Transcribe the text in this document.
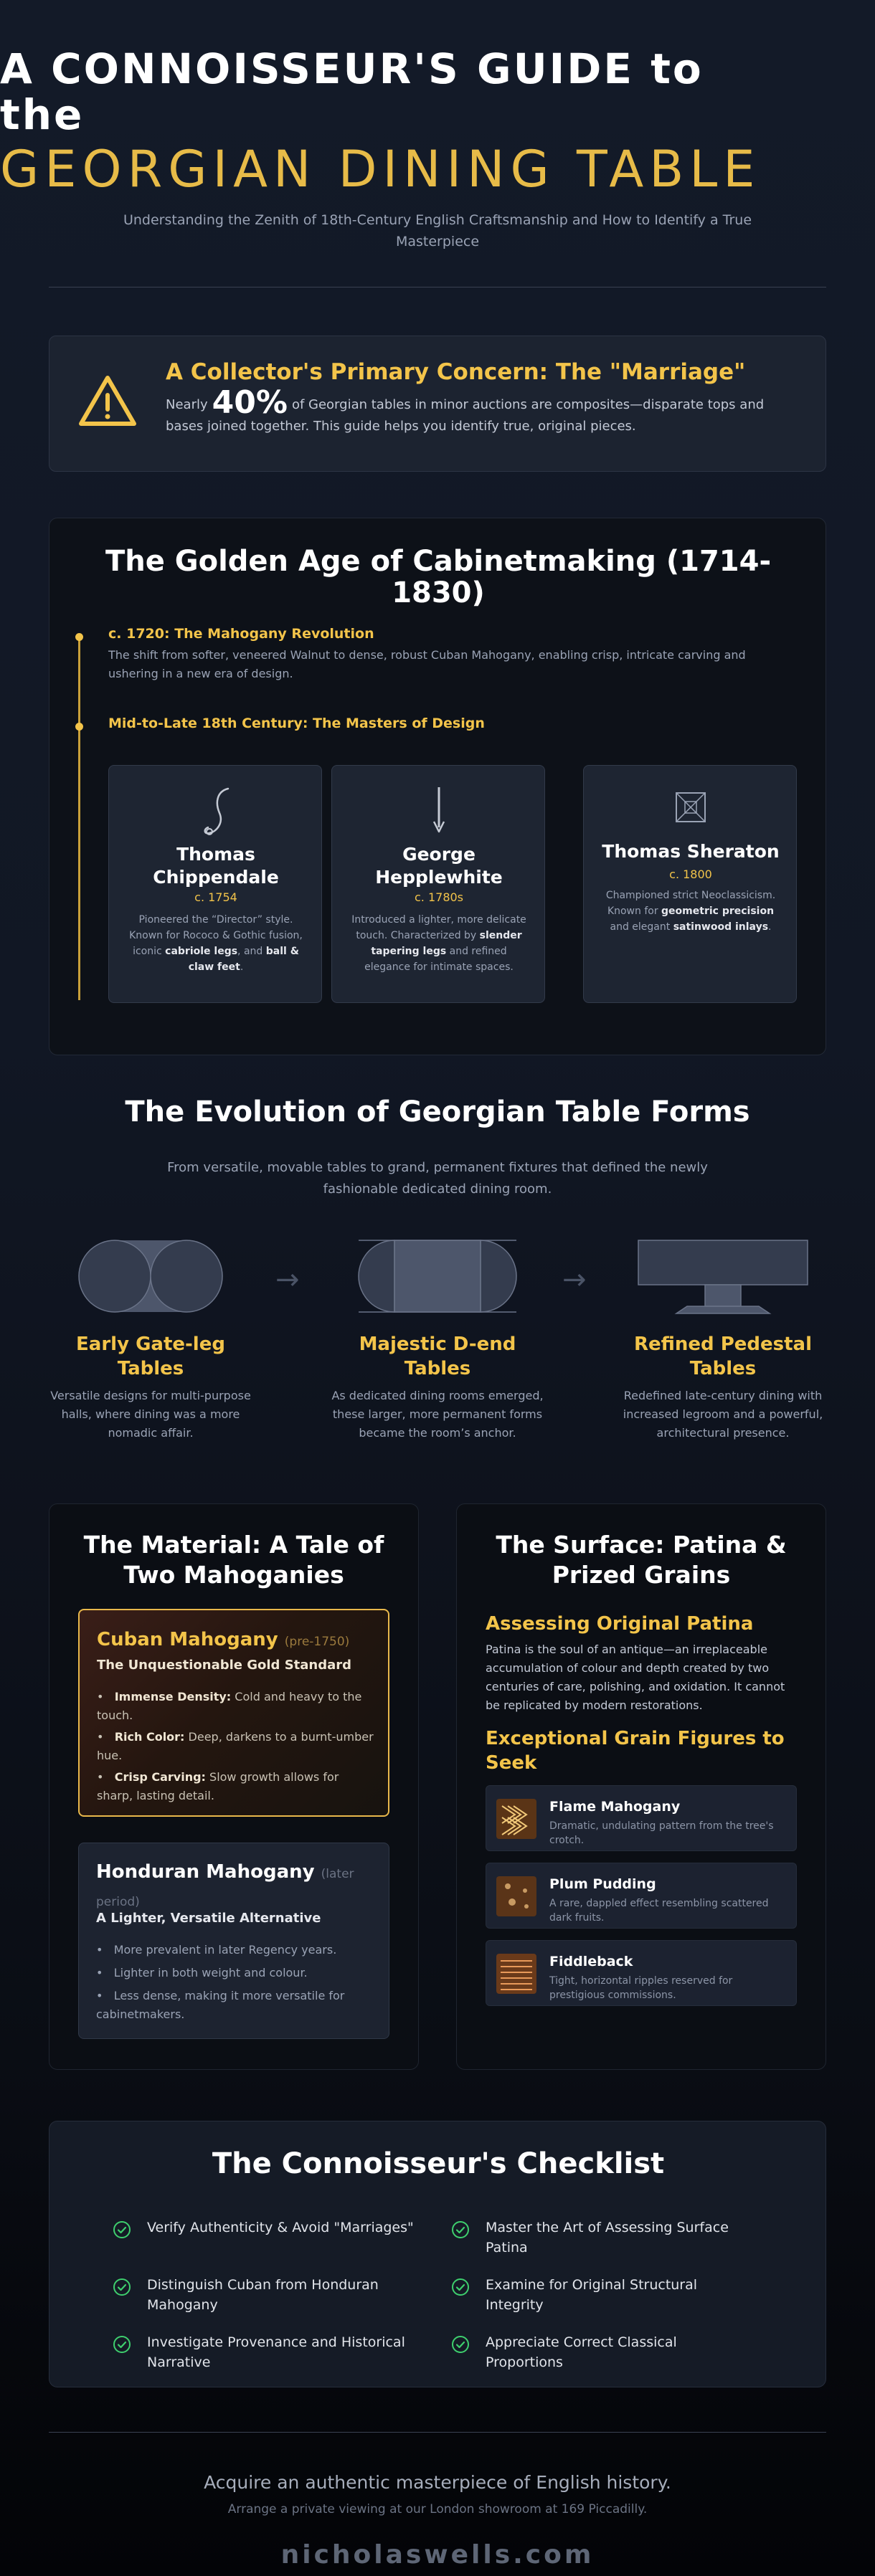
A CONNOISSEUR'S GUIDE to
the
GEORGIAN DINING TABLE
Understanding the Zenith of 18th-Century English Craftsmanship and How to Identify a True Masterpiece
A Collector's Primary Concern: The "Marriage"
Nearly 40% of Georgian tables in minor auctions are composites—disparate tops and bases joined together. This guide helps you identify true, original pieces.
The Golden Age of Cabinetmaking (1714-1830)
c. 1720: The Mahogany Revolution
The shift from softer, veneered Walnut to dense, robust Cuban Mahogany, enabling crisp, intricate carving and ushering in a new era of design.
Mid-to-Late 18th Century: The Masters of Design
Thomas Chippendale
c. 1754
Pioneered the “Director” style. Known for Rococo & Gothic fusion, iconic cabriole legs, and ball & claw feet.
George Hepplewhite
c. 1780s
Introduced a lighter, more delicate touch. Characterized by slender tapering legs and refined elegance for intimate spaces.
Thomas Sheraton
c. 1800
Championed strict Neoclassicism. Known for geometric precision and elegant satinwood inlays.
The Evolution of Georgian Table Forms
From versatile, movable tables to grand, permanent fixtures that defined the newly fashionable dedicated dining room.
Early Gate-leg Tables
Versatile designs for multi-purpose halls, where dining was a more nomadic affair.
→
Majestic D-end Tables
As dedicated dining rooms emerged, these larger, more permanent forms became the room’s anchor.
→
Refined Pedestal Tables
Redefined late-century dining with increased legroom and a powerful, architectural presence.
The Material: A Tale of Two Mahoganies
Cuban Mahogany (pre-1750)
The Unquestionable Gold Standard
•   Immense Density: Cold and heavy to the touch.
•   Rich Color: Deep, darkens to a burnt-umber hue.
•   Crisp Carving: Slow growth allows for sharp, lasting detail.
Honduran Mahogany (later period)
A Lighter, Versatile Alternative
•   More prevalent in later Regency years.
•   Lighter in both weight and colour.
•   Less dense, making it more versatile for cabinetmakers.
The Surface: Patina & Prized Grains
Assessing Original Patina
Patina is the soul of an antique—an irreplaceable accumulation of colour and depth created by two centuries of care, polishing, and oxidation. It cannot be replicated by modern restorations.
Exceptional Grain Figures to Seek
Flame Mahogany
Dramatic, undulating pattern from the tree's crotch.
Plum Pudding
A rare, dappled effect resembling scattered dark fruits.
Fiddleback
Tight, horizontal ripples reserved for prestigious commissions.
The Connoisseur's Checklist
Verify Authenticity & Avoid "Marriages"	Master the Art of Assessing Surface Patina
Distinguish Cuban from Honduran Mahogany
Examine for Original Structural Integrity
Investigate Provenance and Historical Narrative
Appreciate Correct Classical Proportions
Acquire an authentic masterpiece of English history.
Arrange a private viewing at our London showroom at 169 Piccadilly.
nicholaswells.com
